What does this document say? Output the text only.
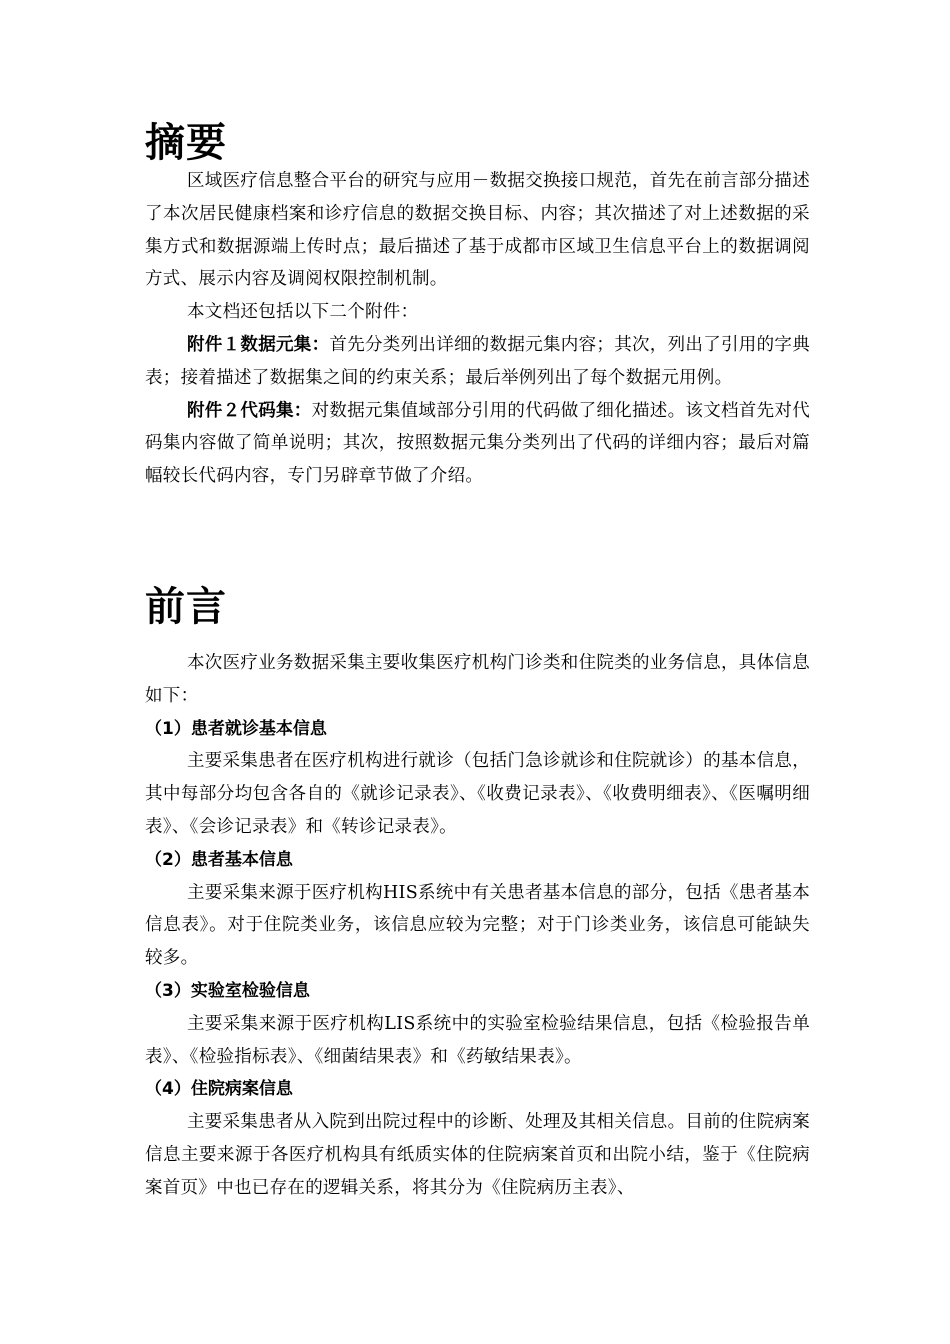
摘要

区域医疗信息整合平台的研究与应用－数据交换接口规范，首先在前言部分描述了本次居民健康档案和诊疗信息的数据交换目标、内容；其次描述了对上述数据的采集方式和数据源端上传时点；最后描述了基于成都市区域卫生信息平台上的数据调阅方式、展示内容及调阅权限控制机制。

本文档还包括以下二个附件：

附件１数据元集：首先分类列出详细的数据元集内容；其次，列出了引用的字典表；接着描述了数据集之间的约束关系；最后举例列出了每个数据元用例。

附件２代码集：对数据元集值域部分引用的代码做了细化描述。该文档首先对代码集内容做了简单说明；其次，按照数据元集分类列出了代码的详细内容；最后对篇幅较长代码内容，专门另辟章节做了介绍。

前言

本次医疗业务数据采集主要收集医疗机构门诊类和住院类的业务信息，具体信息如下：

（1）患者就诊基本信息

主要采集患者在医疗机构进行就诊（包括门急诊就诊和住院就诊）的基本信息，其中每部分均包含各自的《就诊记录表》、《收费记录表》、《收费明细表》、《医嘱明细表》、《会诊记录表》和《转诊记录表》。

（2）患者基本信息

主要采集来源于医疗机构HIS系统中有关患者基本信息的部分，包括《患者基本信息表》。对于住院类业务，该信息应较为完整；对于门诊类业务，该信息可能缺失较多。

（3）实验室检验信息

主要采集来源于医疗机构LIS系统中的实验室检验结果信息，包括《检验报告单表》、《检验指标表》、《细菌结果表》和《药敏结果表》。

（4）住院病案信息

主要采集患者从入院到出院过程中的诊断、处理及其相关信息。目前的住院病案信息主要来源于各医疗机构具有纸质实体的住院病案首页和出院小结，鉴于《住院病案首页》中也已存在的逻辑关系，将其分为《住院病历主表》、
